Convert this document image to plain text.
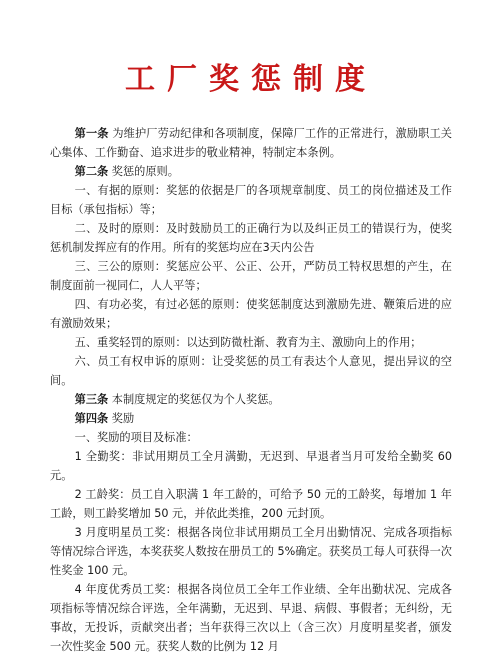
工厂奖惩制度

第一条 为维护厂劳动纪律和各项制度，保障厂工作的正常进行，激励职工关心集体、工作勤奋、追求进步的敬业精神，特制定本条例。

第二条 奖惩的原则。

一、有据的原则：奖惩的依据是厂的各项规章制度、员工的岗位描述及工作目标（承包指标）等；

二、及时的原则：及时鼓励员工的正确行为以及纠正员工的错误行为，使奖惩机制发挥应有的作用。所有的奖惩均应在3天内公告

三、三公的原则：奖惩应公平、公正、公开，严防员工特权思想的产生，在制度面前一视同仁，人人平等；

四、有功必奖，有过必惩的原则：使奖惩制度达到激励先进、鞭策后进的应有激励效果；

五、重奖轻罚的原则：以达到防微杜渐、教育为主、激励向上的作用；

六、员工有权申诉的原则：让受奖惩的员工有表达个人意见，提出异议的空间。

第三条 本制度规定的奖惩仅为个人奖惩。

第四条 奖励

一、奖励的项目及标准：

1 全勤奖：非试用期员工全月满勤，无迟到、早退者当月可发给全勤奖 60 元。

2 工龄奖：员工自入职满 1 年工龄的，可给予 50 元的工龄奖，每增加 1 年工龄，则工龄奖增加 50 元，并依此类推，200 元封顶。

3 月度明星员工奖：根据各岗位非试用期员工全月出勤情况、完成各项指标等情况综合评选，本奖获奖人数按在册员工的 5%确定。获奖员工每人可获得一次性奖金 100 元。

4 年度优秀员工奖：根据各岗位员工全年工作业绩、全年出勤状况、完成各项指标等情况综合评选，全年满勤，无迟到、早退、病假、事假者；无纠纷，无事故，无投诉，贡献突出者；当年获得三次以上（含三次）月度明星奖者，颁发一次性奖金 500 元。获奖人数的比例为 12 月
